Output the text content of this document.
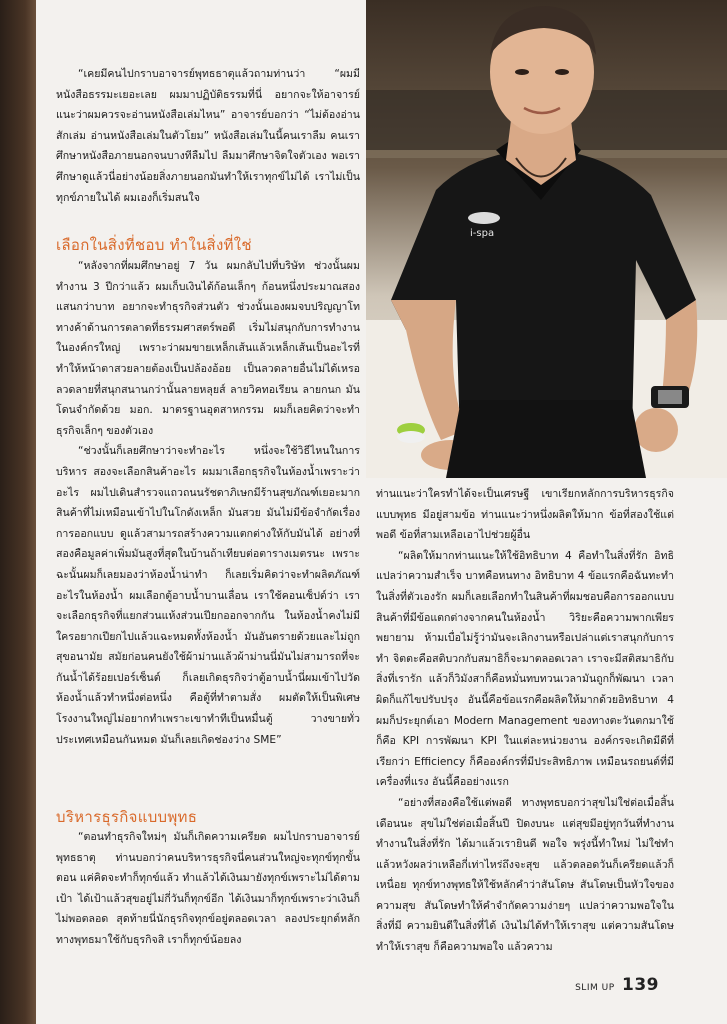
i-spa

“เคยมีคนไปกราบอาจารย์พุทธธาตุแล้วถามท่านว่า “ผมมีหนังสือธรรมะเยอะเลย ผมมาปฏิบัติธรรมที่นี่ อยากจะให้อาจารย์แนะว่าผมควรจะอ่านหนังสือเล่มไหน” อาจารย์บอกว่า “ไม่ต้องอ่านสักเล่ม อ่านหนังสือเล่มในตัวโยม” หนังสือเล่มในนี้คนเราลืม คนเราศึกษาหนังสือภายนอกจนบางทีลืมไป ลืมมาศึกษาจิตใจตัวเอง พอเราศึกษาดูแล้วนี่อย่างน้อยสิ่งภายนอกมันทำให้เราทุกข์ไม่ได้ เราไม่เป็นทุกข์ภายในได้ ผมเองก็เริ่มสนใจ

เลือกในสิ่งที่ชอบ ทำในสิ่งที่ใช่

“หลังจากที่ผมศึกษาอยู่ 7 วัน ผมกลับไปที่บริษัท ช่วงนั้นผมทำงาน 3 ปีกว่าแล้ว ผมเก็บเงินได้ก้อนเล็กๆ ก้อนหนึ่งประมาณสองแสนกว่าบาท อยากจะทำธุรกิจส่วนตัว ช่วงนั้นเองผมจบปริญญาโททางค้าด้านการตลาดที่ธรรมศาสตร์พอดี เริ่มไม่สนุกกับการทำงานในองค์กรใหญ่ เพราะว่าผมขายเหล็กเส้นแล้วเหล็กเส้นเป็นอะไรที่ทำให้หน้าตาสวยลายต้องเป็นปล้องอ้อย เป็นลวดลายอื่นไม่ได้เหรอ ลวดลายที่สนุกสนานกว่านั้นลายหลุยส์ ลายวิคทอเรียน ลายกนก มันโดนจำกัดด้วย มอก. มาตรฐานอุตสาหกรรม ผมก็เลยคิดว่าจะทำธุรกิจเล็กๆ ของตัวเอง

“ช่วงนั้นก็เลยศึกษาว่าจะทำอะไร หนึ่งจะใช้วิธีไหนในการบริหาร สองจะเลือกสินค้าอะไร ผมมาเลือกธุรกิจในห้องน้ำเพราะว่าอะไร ผมไปเดินสำรวจแถวถนนรัชดาภิเษกมีร้านสุขภัณฑ์เยอะมาก สินค้าที่ไม่เหมือนเข้าไปในโกดังเหล็ก มันสวย มันไม่มีข้อจำกัดเรื่องการออกแบบ ดูแล้วสามารถสร้างความแตกต่างให้กับมันได้ อย่างที่สองคือมูลค่าเพิ่มมันสูงที่สุดในบ้านถ้าเทียบต่อตารางเมตรนะ เพราะฉะนั้นผมก็เลยมองว่าห้องน้ำน่าทำ ก็เลยเริ่มคิดว่าจะทำผลิตภัณฑ์อะไรในห้องน้ำ ผมเลือกตู้อาบน้ำบานเลื่อน เราใช้คอนเซ็ปต์ว่า เราจะเลือกธุรกิจที่แยกส่วนแห้งส่วนเปียกออกจากกัน ในห้องน้ำคงไม่มีใครอยากเปียกไปแล้วแฉะหมดทั้งห้องน้ำ มันอันตรายด้วยและไม่ถูกสุขอนามัย สมัยก่อนคนยังใช้ผ้าม่านแล้วผ้าม่านนี่มันไม่สามารถที่จะกันน้ำได้ร้อยเปอร์เซ็นต์ ก็เลยเกิดธุรกิจว่าตู้อาบน้ำนี่ผมเข้าไปวัดห้องน้ำแล้วทำหนึ่งต่อหนึ่ง คือตู้ที่ทำตามสั่ง ผมตัดให้เป็นพิเศษ โรงงานใหญ่ไม่อยากทำเพราะเขาทำทีเป็นหมื่นตู้ วางขายทั่วประเทศเหมือนกันหมด มันก็เลยเกิดช่องว่าง SME”

บริหารธุรกิจแบบพุทธ

“ตอนทำธุรกิจใหม่ๆ มันก็เกิดความเครียด ผมไปกราบอาจารย์พุทธธาตุ ท่านบอกว่าคนบริหารธุรกิจนี่คนส่วนใหญ่จะทุกข์ทุกขั้นตอน แค่คิดจะทำก็ทุกข์แล้ว ทำแล้วได้เงินมายังทุกข์เพราะไม่ได้ตามเป้า ได้เป้าแล้วสุขอยู่ไม่กี่วันก็ทุกข์อีก ได้เงินมาก็ทุกข์เพราะว่าเงินก็ไม่พอตลอด สุดท้ายนี่นักธุรกิจทุกข์อยู่ตลอดเวลา ลองประยุกต์หลักทางพุทธมาใช้กับธุรกิจสิ เราก็ทุกข์น้อยลง

ท่านแนะว่าใครทำได้จะเป็นเศรษฐี เขาเรียกหลักการบริหารธุรกิจแบบพุทธ มีอยู่สามข้อ ท่านแนะว่าหนึ่งผลิตให้มาก ข้อที่สองใช้แต่พอดี ข้อที่สามเหลือเอาไปช่วยผู้อื่น

“ผลิตให้มากท่านแนะให้ใช้อิทธิบาท 4 คือทำในสิ่งที่รัก อิทธิแปลว่าความสำเร็จ บาทคือหนทาง อิทธิบาท 4 ข้อแรกคือฉันทะทำในสิ่งที่ตัวเองรัก ผมก็เลยเลือกทำในสินค้าที่ผมชอบคือการออกแบบ สินค้าที่มีข้อแตกต่างจากคนในห้องน้ำ วิริยะคือความพากเพียรพยายาม ห้ามเบื่อไม่รู้ว่ามันจะเลิกงานหรือเปล่าแต่เราสนุกกับการทำ จิตตะคือสติบวกกับสมาธิก็จะมาตลอดเวลา เราจะมีสติสมาธิกับสิ่งที่เรารัก แล้วก็วิมังสาก็คือหมั่นทบทวนเวลามันถูกก็พัฒนา เวลาผิดก็แก้ไขปรับปรุง อันนี้คือข้อแรกคือผลิตให้มากด้วยอิทธิบาท 4 ผมก็ประยุกต์เอา Modern Management ของทางตะวันตกมาใช้ ก็คือ KPI การพัฒนา KPI ในแต่ละหน่วยงาน องค์กรจะเกิดมีดีที่เรียกว่า Efficiency ก็คือองค์กรที่มีประสิทธิภาพ เหมือนรถยนต์ที่มีเครื่องที่แรง อันนี้คืออย่างแรก

“อย่างที่สองคือใช้แต่พอดี ทางพุทธบอกว่าสุขไม่ใช่ต่อเมื่อสิ้นเดือนนะ สุขไม่ใช่ต่อเมื่อสิ้นปี ปิดงบนะ แต่สุขมีอยู่ทุกวันที่ทำงาน ทำงานในสิ่งที่รัก ได้มาแล้วเรายินดี พอใจ พรุ่งนี้ทำใหม่ ไม่ใช่ทำแล้วหวังผลว่าเหลือกี่เท่าไหร่ถึงจะสุข แล้วตลอดวันก็เครียดแล้วก็เหนื่อย ทุกข์ทางพุทธให้ใช้หลักคำว่าสันโดษ สันโดษเป็นหัวใจของความสุข สันโดษทำให้คำจำกัดความง่ายๆ แปลว่าความพอใจในสิ่งที่มี ความยินดีในสิ่งที่ได้ เงินไม่ได้ทำให้เราสุข แต่ความสันโดษทำให้เราสุข ก็คือความพอใจ แล้วความ

SLIM UP 139
